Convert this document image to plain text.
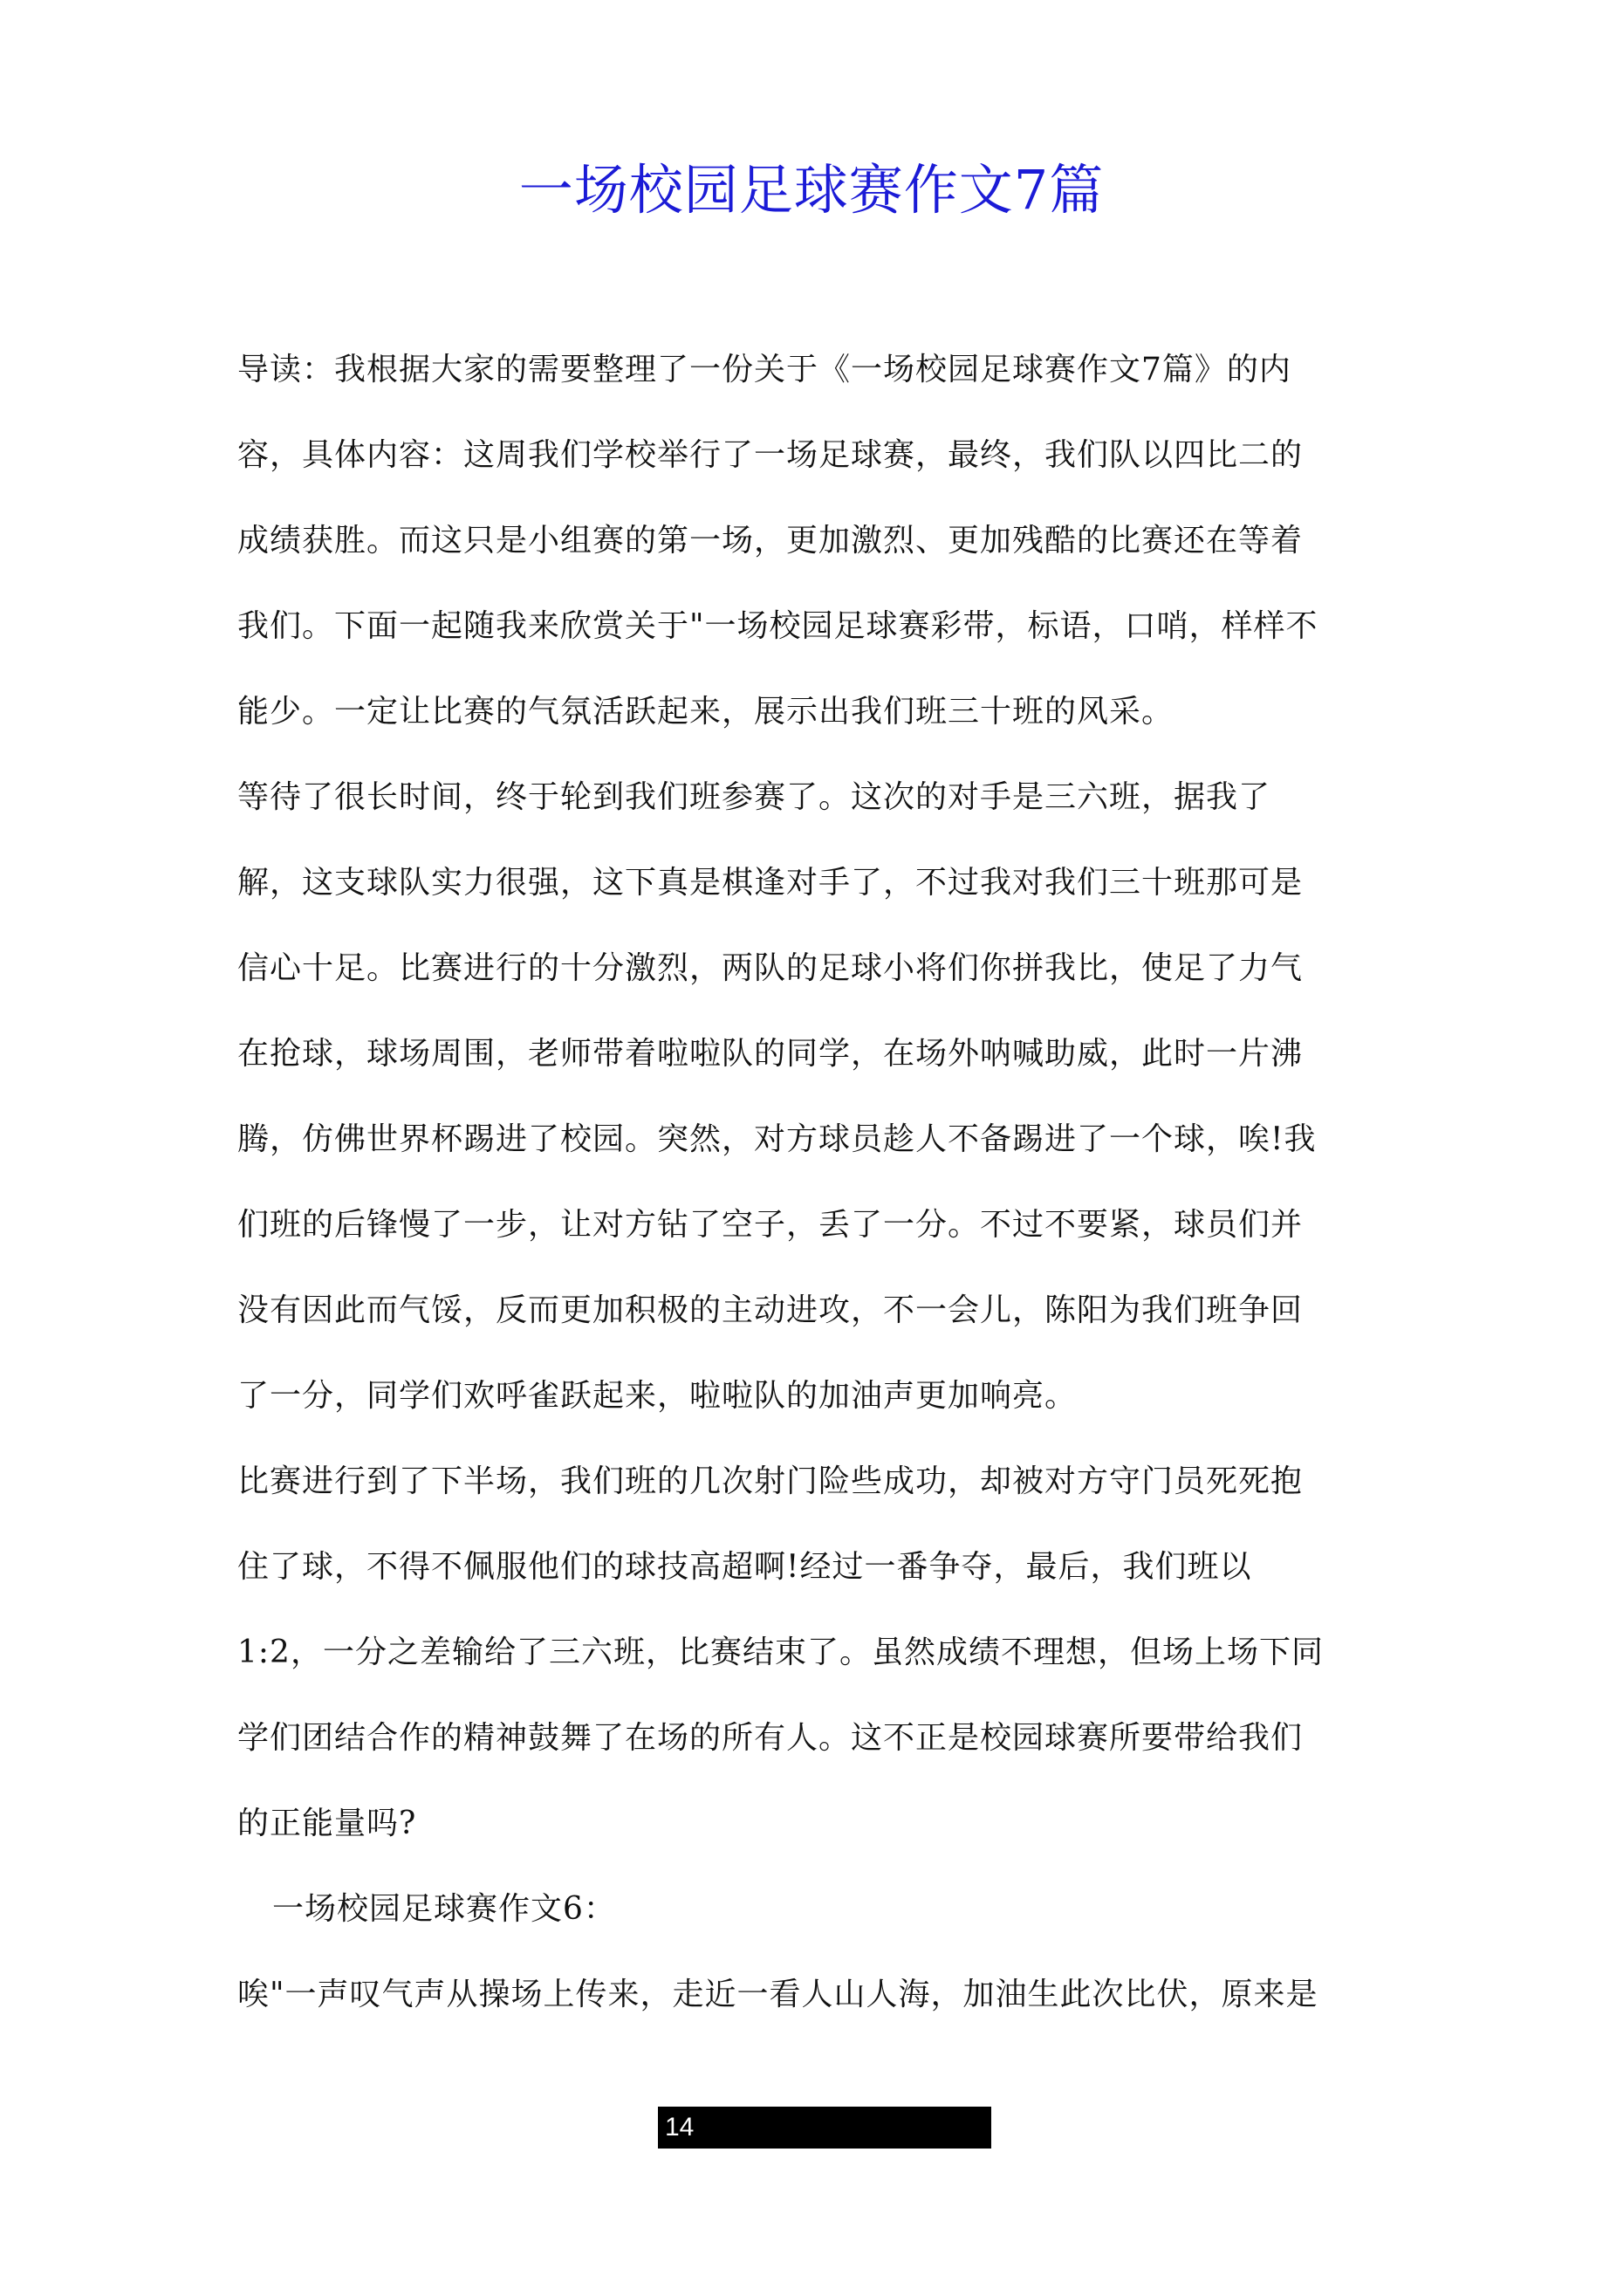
一场校园足球赛作文7篇
导读：我根据大家的需要整理了一份关于《一场校园足球赛作文7篇》的内
容，具体内容：这周我们学校举行了一场足球赛，最终，我们队以四比二的
成绩获胜。而这只是小组赛的第一场，更加激烈、更加残酷的比赛还在等着
我们。下面一起随我来欣赏关于"一场校园足球赛彩带，标语，口哨，样样不
能少。一定让比赛的气氛活跃起来，展示出我们班三十班的风采。
等待了很长时间，终于轮到我们班参赛了。这次的对手是三六班，据我了
解，这支球队实力很强，这下真是棋逢对手了，不过我对我们三十班那可是
信心十足。比赛进行的十分激烈，两队的足球小将们你拼我比，使足了力气
在抢球，球场周围，老师带着啦啦队的同学，在场外呐喊助威，此时一片沸
腾，仿佛世界杯踢进了校园。突然，对方球员趁人不备踢进了一个球，唉!我
们班的后锋慢了一步，让对方钻了空子，丢了一分。不过不要紧，球员们并
没有因此而气馁，反而更加积极的主动进攻，不一会儿，陈阳为我们班争回
了一分，同学们欢呼雀跃起来，啦啦队的加油声更加响亮。
比赛进行到了下半场，我们班的几次射门险些成功，却被对方守门员死死抱
住了球，不得不佩服他们的球技高超啊!经过一番争夺，最后，我们班以
1:2，一分之差输给了三六班，比赛结束了。虽然成绩不理想，但场上场下同
学们团结合作的精神鼓舞了在场的所有人。这不正是校园球赛所要带给我们
的正能量吗?
一场校园足球赛作文6：
唉"一声叹气声从操场上传来，走近一看人山人海，加油生此次比伏，原来是
14
